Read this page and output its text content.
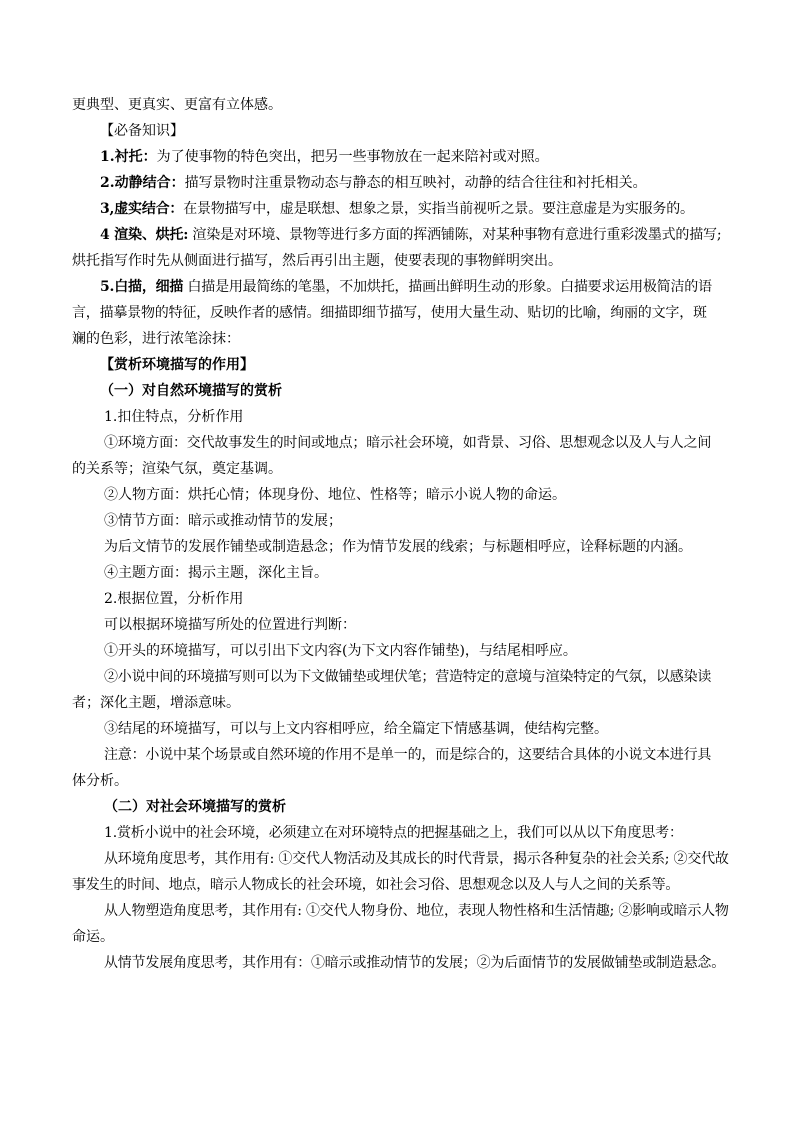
更典型、更真实、更富有立体感。
【必备知识】
1.衬托：为了使事物的特色突出，把另一些事物放在一起来陪衬或对照。
2.动静结合：描写景物时注重景物动态与静态的相互映衬，动静的结合往往和衬托相关。
3,虚实结合：在景物描写中，虚是联想、想象之景，实指当前视听之景。要注意虚是为实服务的。
4 渲染、烘托: 渲染是对环境、景物等进行多方面的挥洒铺陈，对某种事物有意进行重彩泼墨式的描写;
烘托指写作时先从侧面进行描写，然后再引出主题，使要表现的事物鲜明突出。
5.白描，细描 白描是用最简练的笔墨，不加烘托，描画出鲜明生动的形象。白描要求运用极简洁的语
言，描摹景物的特征，反映作者的感情。细描即细节描写，使用大量生动、贴切的比喻，绚丽的文字，斑
斓的色彩，进行浓笔涂抹：
【赏析环境描写的作用】
（一）对自然环境描写的赏析
1.扣住特点，分析作用
①环境方面：交代故事发生的时间或地点；暗示社会环境，如背景、习俗、思想观念以及人与人之间
的关系等；渲染气氛，奠定基调。
②人物方面：烘托心情；体现身份、地位、性格等；暗示小说人物的命运。
③情节方面：暗示或推动情节的发展；
为后文情节的发展作铺垫或制造悬念；作为情节发展的线索；与标题相呼应，诠释标题的内涵。
④主题方面：揭示主题，深化主旨。
2.根据位置，分析作用
可以根据环境描写所处的位置进行判断：
①开头的环境描写，可以引出下文内容(为下文内容作铺垫)，与结尾相呼应。
②小说中间的环境描写则可以为下文做铺垫或埋伏笔；营造特定的意境与渲染特定的气氛，以感染读
者；深化主题，增添意味。
③结尾的环境描写，可以与上文内容相呼应，给全篇定下情感基调，使结构完整。
注意：小说中某个场景或自然环境的作用不是单一的，而是综合的，这要结合具体的小说文本进行具
体分析。
（二）对社会环境描写的赏析
1.赏析小说中的社会环境，必须建立在对环境特点的把握基础之上，我们可以从以下角度思考：
从环境角度思考，其作用有: ①交代人物活动及其成长的时代背景，揭示各种复杂的社会关系; ②交代故
事发生的时间、地点，暗示人物成长的社会环境，如社会习俗、思想观念以及人与人之间的关系等。
从人物塑造角度思考，其作用有: ①交代人物身份、地位，表现人物性格和生活情趣; ②影响或暗示人物
命运。
从情节发展角度思考，其作用有：①暗示或推动情节的发展；②为后面情节的发展做铺垫或制造悬念。
